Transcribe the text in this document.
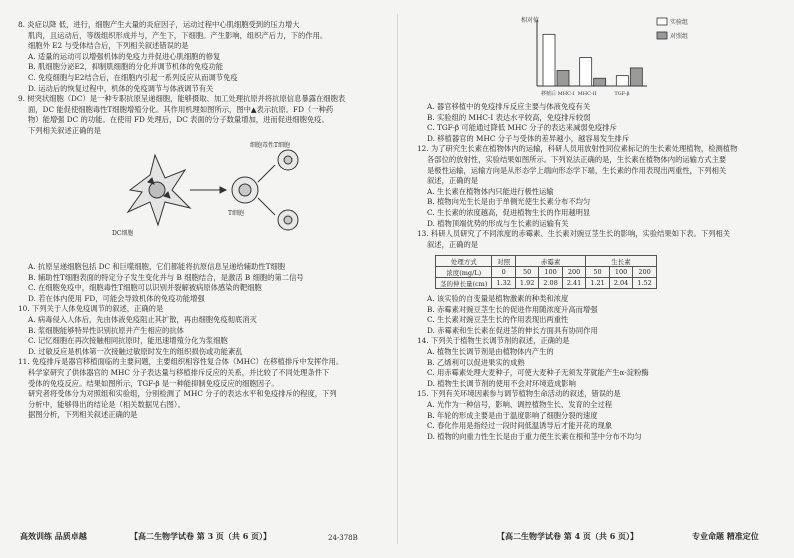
8. 炎症以降 低，进行，细胞产生大量的炎症因子，运动过程中心肌细胞受到的压力增大

肌肉，且运动后，等级组织形成并与，产生下，下细胞。产生影响，组织产后力，下的作用。

细胞外 E2 与受体结合后，下列相关叙述错误的是

A. 适量的运动可以增强机体的免疫力并促进心肌细胞的修复

B. 肌细胞分泌E2，抑制肌细胞的分化并调节机体的免疫功能

C. 免疫细胞与E2结合后，在细胞内引起一系列反应从而调节免疫

D. 运动后的恢复过程中，机体的免疫调节与体液调节有关

9. 树突状细胞（DC）是一种专职抗原呈递细胞，能够摄取、加工处理抗原并将抗原信息暴露在细胞表

面，DC 能促使细胞毒性T细胞增殖分化。其作用机理如图所示，图中▲表示抗原。FD（一种药

物）能增强 DC 的功能。在使用 FD 处理后，DC 表面的分子数量增加，进而促进细胞免疫。

下列相关叙述正确的是

DC细胞
T细胞
细胞毒性T细胞

A. 抗原呈递细胞包括 DC 和巨噬细胞，它们都能将抗原信息呈递给辅助性T细胞

B. 辅助性T细胞表面的特定分子发生变化并与 B 细胞结合，是激活 B 细胞的第二信号

C. 在细胞免疫中，细胞毒性T细胞可以识别并裂解被病原体感染的靶细胞

D. 若在体内使用 FD，可能会导致机体的免疫功能增强

10. 下列关于人体免疫调节的叙述，正确的是

A. 病毒侵入人体后，先由体液免疫阻止其扩散，再由细胞免疫彻底消灭

B. 浆细胞能够特异性识别抗原并产生相应的抗体

C. 记忆细胞在再次接触相同抗原时，能迅速增殖分化为浆细胞

D. 过敏反应是机体第一次接触过敏原时发生的组织损伤或功能紊乱

11. 免疫排斥是器官移植面临的主要问题，主要组织相容性复合体（MHC）在移植排斥中发挥作用。

科学家研究了供体器官的 MHC 分子表达量与移植排斥反应的关系，并比较了不同处理条件下

受体的免疫反应。结果如图所示，TGF-β 是一种能抑制免疫反应的细胞因子。

研究者将受体分为对照组和实验组，分别检测了 MHC 分子的表达水平和免疫排斥的程度，下列

分析中，能够得出的结论是（相关数据见右图）。

据图分析，下列相关叙述正确的是

高效训练 品质卓越	【高二生物学试卷 第 3 页（共 6 页）】	24-378B
相对值
移植后 MHC-I MHC-II	TGF-β
实验组
对照组

A. 器官移植中的免疫排斥反应主要与体液免疫有关

B. 实验组的 MHC-I 表达水平较高，免疫排斥较弱

C. TGF-β 可能通过降低 MHC 分子的表达来减弱免疫排斥

D. 移植器官的 MHC 分子与受体的差异越小，越容易发生排斥

12. 为了研究生长素在植物体内的运输，科研人员用放射性同位素标记的生长素处理植物，检测植物

各部位的放射性，实验结果如图所示。下列说法正确的是，生长素在植物体内的运输方式主要

是极性运输，运输方向是从形态学上端向形态学下端，生长素的作用表现出两重性，下列相关

叙述，正确的是

A. 生长素在植物体内只能进行极性运输

B. 植物向光生长是由于单侧光使生长素分布不均匀

C. 生长素的浓度越高，促进植物生长的作用越明显

D. 植物顶端优势的形成与生长素的运输有关

13. 科研人员研究了不同浓度的赤霉素、生长素对豌豆茎生长的影响，实验结果如下表。下列相关

叙述，正确的是

处理方式	对照	赤霉素			生长素		
浓度(mg/L)	0	50	100	200	50	100	200
茎的伸长量(cm)	1.32	1.92	2.08	2.41	1.21	2.04	1.52

A. 该实验的自变量是植物激素的种类和浓度

B. 赤霉素对豌豆茎生长的促进作用随浓度升高而增强

C. 生长素对豌豆茎生长的作用表现出两重性

D. 赤霉素和生长素在促进茎的伸长方面具有协同作用

14. 下列关于植物生长调节剂的叙述，正确的是

A. 植物生长调节剂是由植物体内产生的

B. 乙烯利可以促进果实的成熟

C. 用赤霉素处理大麦种子，可使大麦种子无须发芽就能产生α-淀粉酶

D. 植物生长调节剂的使用不会对环境造成影响

15. 下列有关环境因素参与调节植物生命活动的叙述，错误的是

A. 光作为一种信号，影响、调控植物生长、发育的全过程

B. 年轮的形成主要是由于温度影响了细胞分裂的速度

C. 春化作用是指经过一段时间低温诱导后才能开花的现象

D. 植物的向重力性生长是由于重力使生长素在根和茎中分布不均匀

【高二生物学试卷 第 4 页（共 6 页）】	专业命题 精准定位
